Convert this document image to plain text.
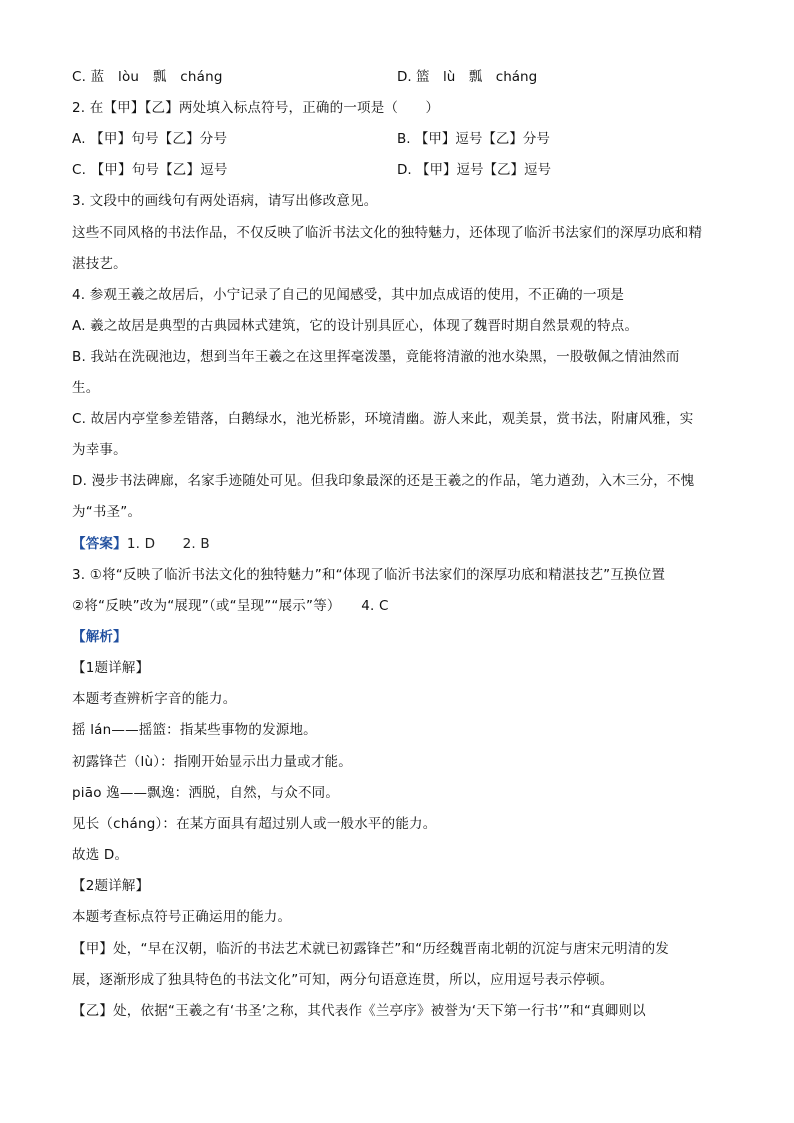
C. 蓝　lòu　瓢　cháng	D. 篮　lù　瓢　cháng
2. 在【甲】【乙】两处填入标点符号，正确的一项是（　　）
A. 【甲】句号【乙】分号	B. 【甲】逗号【乙】分号
C. 【甲】句号【乙】逗号	D. 【甲】逗号【乙】逗号
3. 文段中的画线句有两处语病，请写出修改意见。
这些不同风格的书法作品，不仅反映了临沂书法文化的独特魅力，还体现了临沂书法家们的深厚功底和精
湛技艺。
4. 参观王羲之故居后，小宁记录了自己的见闻感受，其中加点成语的使用，不正确的一项是
A. 羲之故居是典型的古典园林式建筑，它的设计别具匠心，体现了魏晋时期自然景观的特点。
B. 我站在洗砚池边，想到当年王羲之在这里挥毫泼墨，竟能将清澈的池水染黑，一股敬佩之情油然而
生。
C. 故居内亭堂参差错落，白鹅绿水，池光桥影，环境清幽。游人来此，观美景，赏书法，附庸风雅，实
为幸事。
D. 漫步书法碑廊，名家手迹随处可见。但我印象最深的还是王羲之的作品，笔力遒劲，入木三分，不愧
为“书圣”。
【答案】1. D　　2. B
3. ①将“反映了临沂书法文化的独特魅力”和“体现了临沂书法家们的深厚功底和精湛技艺”互换位置
②将“反映”改为“展现”（或“呈现”“展示”等）　　4. C
【解析】
【1题详解】
本题考查辨析字音的能力。
摇 lán——摇篮：指某些事物的发源地。
初露锋芒（lù）：指刚开始显示出力量或才能。
piāo 逸——飘逸：洒脱，自然，与众不同。
见长（cháng）：在某方面具有超过别人或一般水平的能力。
故选 D。
【2题详解】
本题考查标点符号正确运用的能力。
【甲】处，“早在汉朝，临沂的书法艺术就已初露锋芒”和“历经魏晋南北朝的沉淀与唐宋元明清的发
展，逐渐形成了独具特色的书法文化”可知，两分句语意连贯，所以，应用逗号表示停顿。
【乙】处，依据“王羲之有‘书圣’之称，其代表作《兰亭序》被誉为‘天下第一行书’”和“真卿则以
